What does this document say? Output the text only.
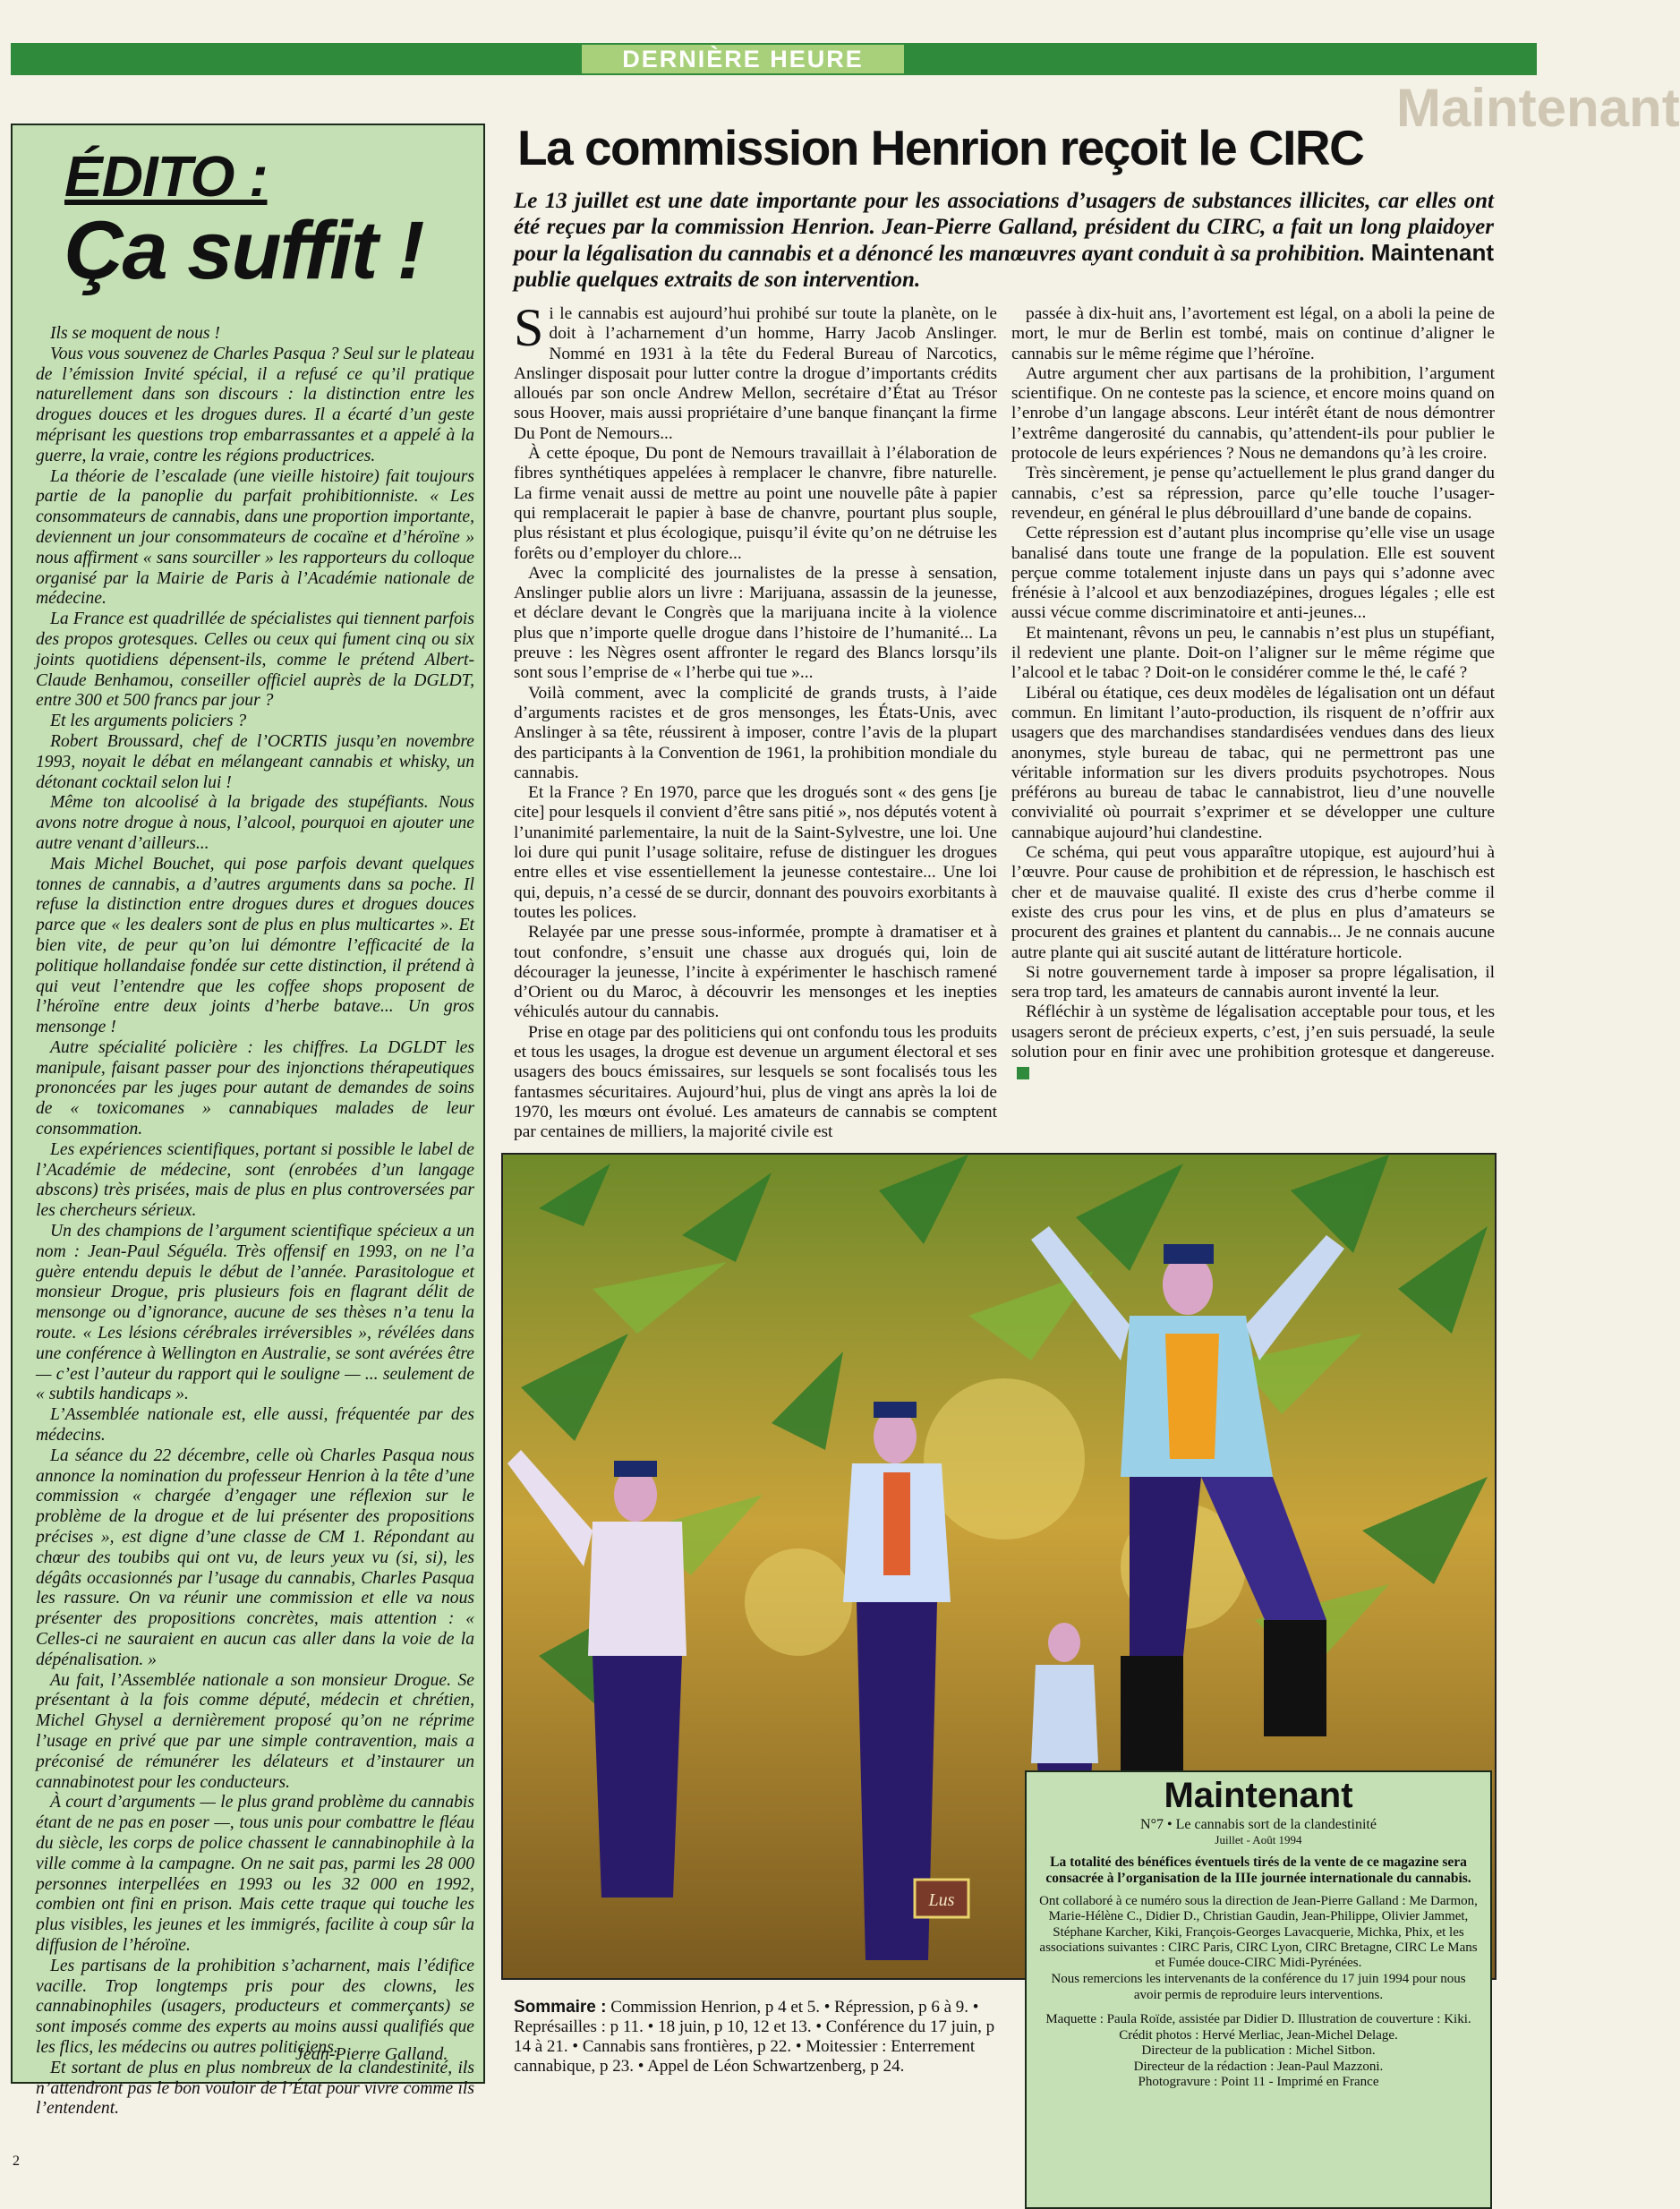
DERNIÈRE HEURE
Maintenant
ÉDITO :
Ça suffit !

Ils se moquent de nous !

Vous vous souvenez de Charles Pasqua ? Seul sur le plateau de l’émission Invité spécial, il a refusé ce qu’il pratique naturellement dans son discours : la distinction entre les drogues douces et les drogues dures. Il a écarté d’un geste méprisant les questions trop embarrassantes et a appelé à la guerre, la vraie, contre les régions productrices.

La théorie de l’escalade (une vieille histoire) fait toujours partie de la panoplie du parfait prohibitionniste. « Les consommateurs de cannabis, dans une proportion importante, deviennent un jour consommateurs de cocaïne et d’héroïne » nous affirment « sans sourciller » les rapporteurs du colloque organisé par la Mairie de Paris à l’Académie nationale de médecine.

La France est quadrillée de spécialistes qui tiennent parfois des propos grotesques. Celles ou ceux qui fument cinq ou six joints quotidiens dépensent-ils, comme le prétend Albert-Claude Benhamou, conseiller officiel auprès de la DGLDT, entre 300 et 500 francs par jour ?

Et les arguments policiers ?

Robert Broussard, chef de l’OCRTIS jusqu’en novembre 1993, noyait le débat en mélangeant cannabis et whisky, un détonant cocktail selon lui !

Même ton alcoolisé à la brigade des stupéfiants. Nous avons notre drogue à nous, l’alcool, pourquoi en ajouter une autre venant d’ailleurs...

Mais Michel Bouchet, qui pose parfois devant quelques tonnes de cannabis, a d’autres arguments dans sa poche. Il refuse la distinction entre drogues dures et drogues douces parce que « les dealers sont de plus en plus multicartes ». Et bien vite, de peur qu’on lui démontre l’efficacité de la politique hollandaise fondée sur cette distinction, il prétend à qui veut l’entendre que les coffee shops proposent de l’héroïne entre deux joints d’herbe batave... Un gros mensonge !

Autre spécialité policière : les chiffres. La DGLDT les manipule, faisant passer pour des injonctions thérapeutiques prononcées par les juges pour autant de demandes de soins de « toxicomanes » cannabiques malades de leur consommation.

Les expériences scientifiques, portant si possible le label de l’Académie de médecine, sont (enrobées d’un langage abscons) très prisées, mais de plus en plus controversées par les chercheurs sérieux.

Un des champions de l’argument scientifique spécieux a un nom : Jean-Paul Séguéla. Très offensif en 1993, on ne l’a guère entendu depuis le début de l’année. Parasitologue et monsieur Drogue, pris plusieurs fois en flagrant délit de mensonge ou d’ignorance, aucune de ses thèses n’a tenu la route. « Les lésions cérébrales irréversibles », révélées dans une conférence à Wellington en Australie, se sont avérées être — c’est l’auteur du rapport qui le souligne — ... seulement de « subtils handicaps ».

L’Assemblée nationale est, elle aussi, fréquentée par des médecins.

La séance du 22 décembre, celle où Charles Pasqua nous annonce la nomination du professeur Henrion à la tête d’une commission « chargée d’engager une réflexion sur le problème de la drogue et de lui présenter des propositions précises », est digne d’une classe de CM 1. Répondant au chœur des toubibs qui ont vu, de leurs yeux vu (si, si), les dégâts occasionnés par l’usage du cannabis, Charles Pasqua les rassure. On va réunir une commission et elle va nous présenter des propositions concrètes, mais attention : « Celles-ci ne sauraient en aucun cas aller dans la voie de la dépénalisation. »

Au fait, l’Assemblée nationale a son monsieur Drogue. Se présentant à la fois comme député, médecin et chrétien, Michel Ghysel a dernièrement proposé qu’on ne réprime l’usage en privé que par une simple contravention, mais a préconisé de rémunérer les délateurs et d’instaurer un cannabinotest pour les conducteurs.

À court d’arguments — le plus grand problème du cannabis étant de ne pas en poser —, tous unis pour combattre le fléau du siècle, les corps de police chassent le cannabinophile à la ville comme à la campagne. On ne sait pas, parmi les 28 000 personnes interpellées en 1993 ou les 32 000 en 1992, combien ont fini en prison. Mais cette traque qui touche les plus visibles, les jeunes et les immigrés, facilite à coup sûr la diffusion de l’héroïne.

Les partisans de la prohibition s’acharnent, mais l’édifice vacille. Trop longtemps pris pour des clowns, les cannabinophiles (usagers, producteurs et commerçants) se sont imposés comme des experts au moins aussi qualifiés que les flics, les médecins ou autres politiciens.

Et sortant de plus en plus nombreux de la clandestinité, ils n’attendront pas le bon vouloir de l’État pour vivre comme ils l’entendent.

Jean-Pierre Galland.
La commission Henrion reçoit le CIRC
Le 13 juillet est une date importante pour les associations d’usagers de substances illicites, car elles ont été reçues par la commission Henrion. Jean-Pierre Galland, président du CIRC, a fait un long plaidoyer pour la légalisation du cannabis et a dénoncé les manœuvres ayant conduit à sa prohibition. Maintenant publie quelques extraits de son intervention.

Si le cannabis est aujourd’hui prohibé sur toute la planète, on le doit à l’acharnement d’un homme, Harry Jacob Anslinger. Nommé en 1931 à la tête du Federal Bureau of Narcotics, Anslinger disposait pour lutter contre la drogue d’importants crédits alloués par son oncle Andrew Mellon, secrétaire d’État au Trésor sous Hoover, mais aussi propriétaire d’une banque finançant la firme Du Pont de Nemours...

À cette époque, Du pont de Nemours travaillait à l’élaboration de fibres synthétiques appelées à remplacer le chanvre, fibre naturelle. La firme venait aussi de mettre au point une nouvelle pâte à papier qui remplacerait le papier à base de chanvre, pourtant plus souple, plus résistant et plus écologique, puisqu’il évite qu’on ne détruise les forêts ou d’employer du chlore...

Avec la complicité des journalistes de la presse à sensation, Anslinger publie alors un livre : Marijuana, assassin de la jeunesse, et déclare devant le Congrès que la marijuana incite à la violence plus que n’importe quelle drogue dans l’histoire de l’humanité... La preuve : les Nègres osent affronter le regard des Blancs lorsqu’ils sont sous l’emprise de « l’herbe qui tue »...

Voilà comment, avec la complicité de grands trusts, à l’aide d’arguments racistes et de gros mensonges, les États-Unis, avec Anslinger à sa tête, réussirent à imposer, contre l’avis de la plupart des participants à la Convention de 1961, la prohibition mondiale du cannabis.

Et la France ? En 1970, parce que les drogués sont « des gens [je cite] pour lesquels il convient d’être sans pitié », nos députés votent à l’unanimité parlementaire, la nuit de la Saint-Sylvestre, une loi. Une loi dure qui punit l’usage solitaire, refuse de distinguer les drogues entre elles et vise essentiellement la jeunesse contestaire... Une loi qui, depuis, n’a cessé de se durcir, donnant des pouvoirs exorbitants à toutes les polices.

Relayée par une presse sous-informée, prompte à dramatiser et à tout confondre, s’ensuit une chasse aux drogués qui, loin de décourager la jeunesse, l’incite à expérimenter le haschisch ramené d’Orient ou du Maroc, à découvrir les mensonges et les inepties véhiculés autour du cannabis.

Prise en otage par des politiciens qui ont confondu tous les produits et tous les usages, la drogue est devenue un argument électoral et ses usagers des boucs émissaires, sur lesquels se sont focalisés tous les fantasmes sécuritaires. Aujourd’hui, plus de vingt ans après la loi de 1970, les mœurs ont évolué. Les amateurs de cannabis se comptent par centaines de milliers, la majorité civile est

passée à dix-huit ans, l’avortement est légal, on a aboli la peine de mort, le mur de Berlin est tombé, mais on continue d’aligner le cannabis sur le même régime que l’héroïne.

Autre argument cher aux partisans de la prohibition, l’argument scientifique. On ne conteste pas la science, et encore moins quand on l’enrobe d’un langage abscons. Leur intérêt étant de nous démontrer l’extrême dangerosité du cannabis, qu’attendent-ils pour publier le protocole de leurs expériences ? Nous ne demandons qu’à les croire.

Très sincèrement, je pense qu’actuellement le plus grand danger du cannabis, c’est sa répression, parce qu’elle touche l’usager-revendeur, en général le plus débrouillard d’une bande de copains.

Cette répression est d’autant plus incomprise qu’elle vise un usage banalisé dans toute une frange de la population. Elle est souvent perçue comme totalement injuste dans un pays qui s’adonne avec frénésie à l’alcool et aux benzodiazépines, drogues légales ; elle est aussi vécue comme discriminatoire et anti-jeunes...

Et maintenant, rêvons un peu, le cannabis n’est plus un stupéfiant, il redevient une plante. Doit-on l’aligner sur le même régime que l’alcool et le tabac ? Doit-on le considérer comme le thé, le café ?

Libéral ou étatique, ces deux modèles de légalisation ont un défaut commun. En limitant l’auto-production, ils risquent de n’offrir aux usagers que des marchandises standardisées vendues dans des lieux anonymes, style bureau de tabac, qui ne permettront pas une véritable information sur les divers produits psychotropes. Nous préférons au bureau de tabac le cannabistrot, lieu d’une nouvelle convivialité où pourrait s’exprimer et se développer une culture cannabique aujourd’hui clandestine.

Ce schéma, qui peut vous apparaître utopique, est aujourd’hui à l’œuvre. Pour cause de prohibition et de répression, le haschisch est cher et de mauvaise qualité. Il existe des crus d’herbe comme il existe des crus pour les vins, et de plus en plus d’amateurs se procurent des graines et plantent du cannabis... Je ne connais aucune autre plante qui ait suscité autant de littérature horticole.

Si notre gouvernement tarde à imposer sa propre légalisation, il sera trop tard, les amateurs de cannabis auront inventé la leur.

Réfléchir à un système de légalisation acceptable pour tous, et les usagers seront de précieux experts, c’est, j’en suis persuadé, la seule solution pour en finir avec une prohibition grotesque et dangereuse.

Lus
Maintenant
N°7 • Le cannabis sort de la clandestinité
Juillet - Août 1994
La totalité des bénéfices éventuels tirés de la vente de ce magazine sera consacrée à l’organisation de la IIIe journée internationale du cannabis.
Ont collaboré à ce numéro sous la direction de Jean-Pierre Galland : Me Darmon, Marie-Hélène C., Didier D., Christian Gaudin, Jean-Philippe, Olivier Jammet, Stéphane Karcher, Kiki, François-Georges Lavacquerie, Michka, Phix, et les associations suivantes : CIRC Paris, CIRC Lyon, CIRC Bretagne, CIRC Le Mans et Fumée douce-CIRC Midi-Pyrénées.
Nous remercions les intervenants de la conférence du 17 juin 1994 pour nous avoir permis de reproduire leurs interventions.
Maquette : Paula Roïde, assistée par Didier D. Illustration de couverture : Kiki.
Crédit photos : Hervé Merliac, Jean-Michel Delage.
Directeur de la publication : Michel Sitbon.
Directeur de la rédaction : Jean-Paul Mazzoni.
Photogravure : Point 11 - Imprimé en France
Sommaire : Commission Henrion, p 4 et 5. • Répression, p 6 à 9. • Représailles : p 11. • 18 juin, p 10, 12 et 13. • Conférence du 17 juin, p 14 à 21. • Cannabis sans frontières, p 22. • Moitessier : Enterrement cannabique, p 23. • Appel de Léon Schwartzenberg, p 24.
2
